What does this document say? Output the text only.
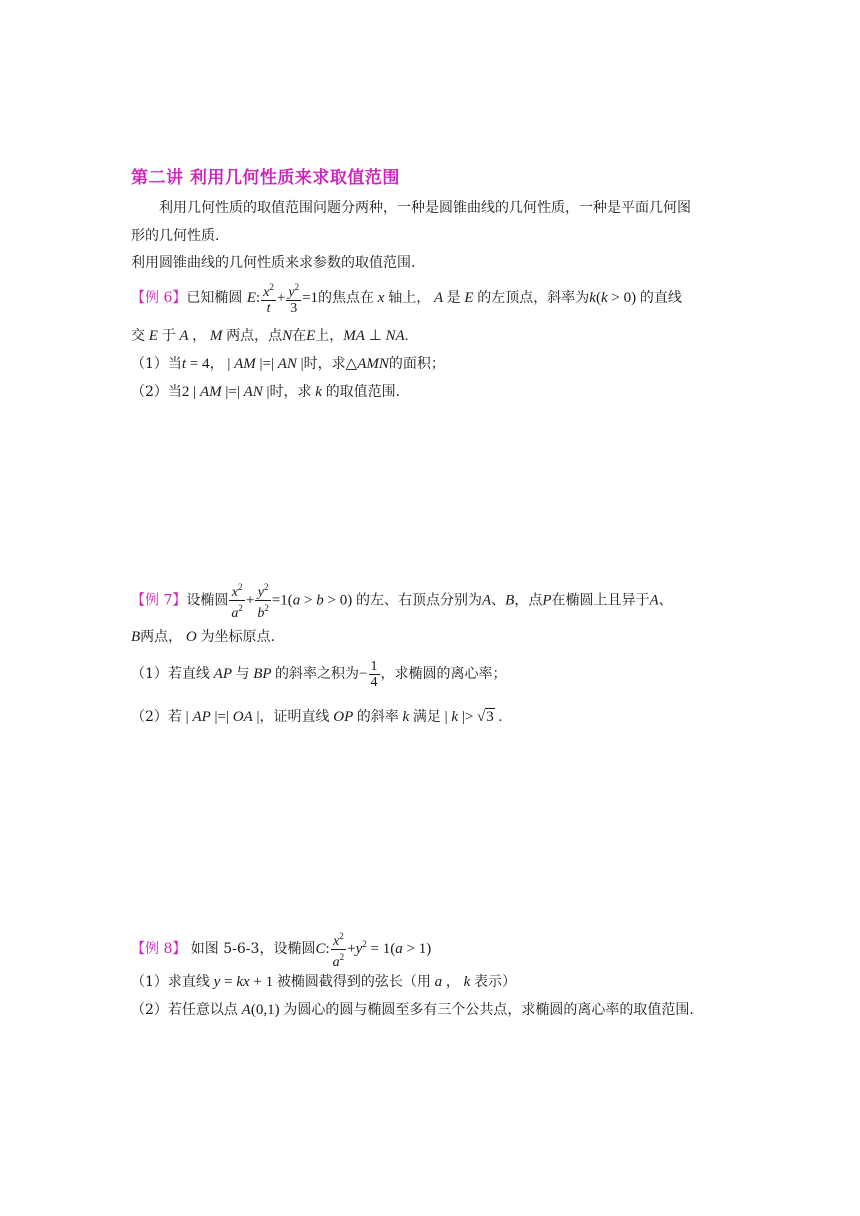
第二讲 利用几何性质来求取值范围
利用几何性质的取值范围问题分两种，一种是圆锥曲线的几何性质，一种是平面几何图
形的几何性质.
利用圆锥曲线的几何性质来求参数的取值范围.
【例 6】已知椭圆 E: $\frac{x^2}{t} + \frac{y^2}{3} =1$的焦点在 x 轴上， A 是 E 的左顶点，斜率为k(k > 0) 的直线
交 E 于 A ， M 两点，点N在E上，MA ⊥ NA.
（1）当t = 4， | AM |=| AN |时，求△AMN的面积；
（2）当2 | AM |=| AN |时，求 k 的取值范围.
【例 7】设椭圆 $\frac{x^2}{a^2} + \frac{y^2}{b^2} =1(a > b > 0)$ 的左、右顶点分别为A、B，点P在椭圆上且异于A、
B两点， O 为坐标原点.
（1）若直线 AP 与 BP 的斜率之积为− $\frac{1}{4}$ ，求椭圆的离心率；
（2）若 | AP |=| OA |，证明直线 OP 的斜率 k 满足 | k |> √3 .
【例 8】 如图 5-6-3，设椭圆C: $\frac{x^2}{a^2} +y^2 = 1(a > 1)$
（1）求直线 y = kx + 1 被椭圆截得到的弦长（用 a ， k 表示）
（2）若任意以点 A(0,1) 为圆心的圆与椭圆至多有三个公共点，求椭圆的离心率的取值范围.
